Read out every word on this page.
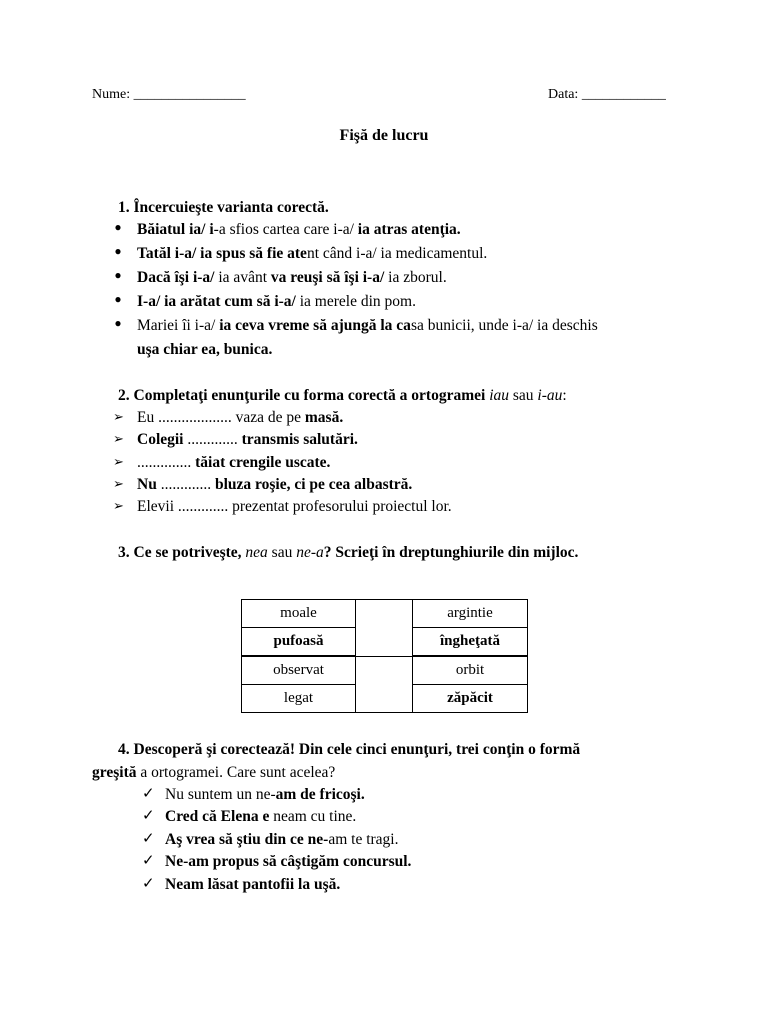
Nume: ________________	Data: ____________
Fişă de lucru
1. Încercuieşte varianta corectă.
● Băiatul ia/ i-a sfios cartea care i-a/ ia atras atenţia.
● Tatăl i-a/ ia spus să fie atent când i-a/ ia medicamentul.
● Dacă îşi i-a/ ia avânt va reuşi să îşi i-a/ ia zborul.
● I-a/ ia arătat cum să i-a/ ia merele din pom.
● Mariei îi i-a/ ia ceva vreme să ajungă la casa bunicii, unde i-a/ ia deschis
uşa chiar ea, bunica.
2. Completaţi enunţurile cu forma corectă a ortogramei iau sau i-au:
➢ Eu ................... vaza de pe masă.
➢ Colegii ............. transmis salutări.
➢ .............. tăiat crengile uscate.
➢ Nu ............. bluza roşie, ci pe cea albastră.
➢ Elevii ............. prezentat profesorului proiectul lor.
3. Ce se potriveşte, nea sau ne-a? Scrieţi în dreptunghiurile din mijloc.
moale		argintie
pufoasă		îngheţată
observat		orbit
legat		zăpăcit
4. Descoperă şi corectează! Din cele cinci enunţuri, trei conţin o formă
greşită a ortogramei. Care sunt acelea?
✓ Nu suntem un ne-am de fricoşi.
✓ Cred că Elena e neam cu tine.
✓ Aş vrea să ştiu din ce ne-am te tragi.
✓ Ne-am propus să câştigăm concursul.
✓ Neam lăsat pantofii la uşă.
